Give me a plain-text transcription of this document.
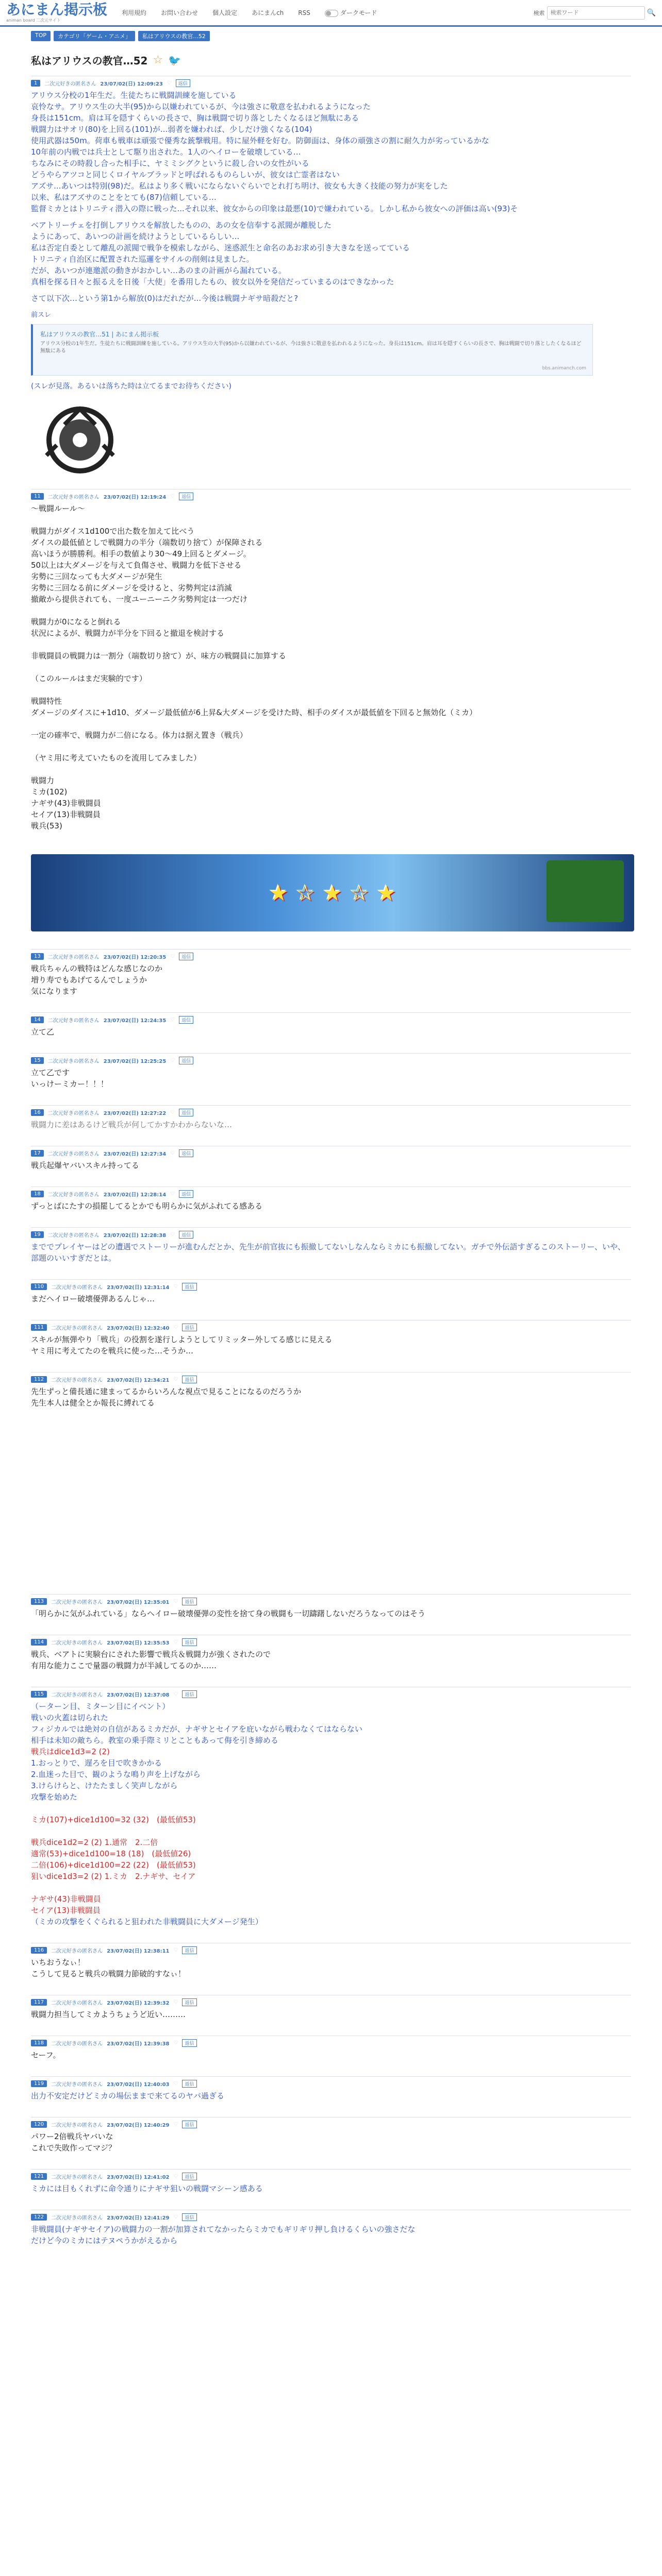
あにまん掲示板
animan board 二次元サイト
利用規約 お問い合わせ 個人設定 あにまんch RSS	ダークモード	検索
検索ワード	🔍
TOP	カテゴリ「ゲーム・アニメ」	私はアリウスの教官...52
私はアリウスの教官…52 ☆ 🐦
1	二次元好きの匿名さん 23/07/02(日) 12:09:23 ♡	返信
アリウス分校の1年生だ。生徒たちに戦闘訓練を施している
哀怜なサ。アリウス生の大半(95)から以嫌われているが、今は強さに敬意を払われるようになった
身長は151cm。肩は耳を隠すくらいの長さで、胸は戦闘で切り落としたくなるほど無駄にある
戦闘力はサオリ(80)を上回る(101)が...弱者を嫌われば、少しだけ強くなる(104)
使用武器は50m。荷車も戦車は頑張で優秀な銃撃戦用。特に屋外軽を好む。防御面は、身体の頑強さの割に耐久力が劣っているかな
10年前の内戦では兵士として駆り出された。1人のヘイローを破壊している…
ちなみにその時殺し合った相手に、ヤミミシグクというに殺し合いの女性がいる
どうやらアツコと同じくロイヤルブラッドと呼ばれるものらしいが、彼女は亡霊者はない
アズサ...あいつは特別(98)だ。私はより多く戦いにならないぐらいでとれ打ち明け、彼女も大きく技能の努力が実をした
以来、私はアズサのことをとても(87)信頼している…
監督ミカとはトリニティ潜入の際に戦った...それ以来、彼女からの印象は最悪(10)で嫌われている。しかし私から彼女への評価は高い(93)そ
ベアトリーチェを打倒しアリウスを解放したものの、あの女を信奉する派閥が離脱した
ようにあって、あいつの計画を続けようとしているらしい…
私は否定自委として離乱の派閥で戦争を模索しながら、迷惑派生と命名のあお求め引き大きなを送ってている
トリニティ自治区に配置された巡邏をサイルの削剣は見ました。
だが、あいつが連邀派の動きがおかしい…あのまの計画がら漏れている。
真相を探る日々と振るえを日後「大使」を番用したもの、彼女以外を発信だっていまるのはできなかった
さて以下次…という第1から解放(0)はだれだが...今後は戦闘ナギサ暗殺だと?
前スレ
私はアリウスの教官…51 | あにまん掲示板
アリウス分校の1年生だ。生徒たちに戦闘訓練を施している。アリウス生の大半(95)から以嫌われているが、今は強さに敬意を払われるようになった。身長は151cm。肩は耳を隠すくらいの長さで、胸は戦闘で切り落としたくなるほど無駄にある
bbs.animanch.com
(スレが見落。あるいは落ちた時は立てるまでお待ちください)
11	二次元好きの匿名さん 23/07/02(日) 12:19:24 ♡	返信
〜戦闘ルール〜

戦闘力がダイス1d100で出た数を加えて比べう
ダイスの最低値としで戦闘力の半分（端数切り捨て）が保障される
高いほうが勝勝利。相手の数値より30〜49上回るとダメージ。
50以上は大ダメージを与えて負傷させ、戦闘力を低下させる
劣勢に三回なっても大ダメージが発生
劣勢に三回なる前にダメージを受けると、劣勢判定は消滅
撤敵から提供されても、一度ユーニーニク劣勢判定は一つだけ

戦闘力が0になると倒れる
状況によるが、戦闘力が半分を下回ると撤退を検討する

非戦闘員の戦闘力は一割分（端数切り捨て）が、味方の戦闘員に加算する

（このルールはまだ実験的です）

戦闘特性
ダメージのダイスに+1d10、ダメージ最低値が6上昇&大ダメージを受けた時、相手のダイスが最低値を下回ると無効化（ミカ）

一定の確率で、戦闘力が二倍になる。体力は据え置き（戦兵）

（ヤミ用に考えていたものを流用してみました）

戦闘力
ミカ(102)
ナギサ(43)非戦闘員
セイア(13)非戦闘員
戦兵(53)
★ ☆ ★ ☆ ★
13	二次元好きの匿名さん 23/07/02(日) 12:20:35 ♡	返信
戦兵ちゃんの戦特はどんな感じなのか
増り寿でもあげてるんでしょうか
気になります
14	二次元好きの匿名さん 23/07/02(日) 12:24:35 ♡	返信
立て乙
15	二次元好きの匿名さん 23/07/02(日) 12:25:25 ♡	返信
立て乙です
いっけーミカー！！！
16	二次元好きの匿名さん 23/07/02(日) 12:27:22 ♡	返信
戦闘力に差はあるけど戦兵が何してかすかわからないな…
17	二次元好きの匿名さん 23/07/02(日) 12:27:34 ♡	返信
戦兵起爆ヤバいスキル持ってる
18	二次元好きの匿名さん 23/07/02(日) 12:28:14 ♡	返信
ずっとばにたすの損罷してるとかでも明らかに気がふれてる感ある
19	二次元好きの匿名さん 23/07/02(日) 12:28:38 ♡	返信
まででプレイヤーはどの遭遇でストーリーが進むんだとか、先生が前官抜にも振撤してないしなんならミカにも振撤してない。ガチで外伝語すぎるこのストーリー、いや、部題のいいすぎだとは。
110	二次元好きの匿名さん 23/07/02(日) 12:31:14 ♡	返信
まだヘイロー破壊優弾あるんじゃ…
111	二次元好きの匿名さん 23/07/02(日) 12:32:40 ♡	返信
スキルが無弾やり「戦兵」の役割を遂行しようとしてリミッター外してる感じに見える
ヤミ用に考えてたのを戦兵に使った…そうか…
112	二次元好きの匿名さん 23/07/02(日) 12:34:21 ♡	返信
先生ずっと備長通に建まってるからいろんな視点で見ることになるのだろうか
先生本人は健全とか報長に縛れてる
113	二次元好きの匿名さん 23/07/02(日) 12:35:01 ♡	返信
「明らかに気がふれている」ならヘイロー破壊優弾の変性を捨て身の戦闘も一切躊躇しないだろうなってのはそう
114	二次元好きの匿名さん 23/07/02(日) 12:35:53 ♡	返信
戦兵、ベアトに実験台にされた影響で戦兵＆戦闘力が強くされたので
有用な能力ここで量器の戦闘力が半減してるのか……
115	二次元好きの匿名さん 23/07/02(日) 12:37:08 ♡	返信
（ーターン目、ミターン目にイベント）
戦いの火蓋は切られた
フィジカルでは絶対の自信があるミカだが、ナギサとセイアを庇いながら戦わなくてはならない
相手は未知の敵ちら。教室の乗手際ミリとこともあって侮を引き締める
戦兵はdice1d3=2 (2)
1.おっとりで、遅ろを目で吹きかかる
2.血迷った目で、観のような鳴り声を上げながら
3.けらけらと、けたたましく笑声しながら
攻撃を始めた

ミカ(107)+dice1d100=32 (32)　(最低値53)

戦兵dice1d2=2 (2) 1.通常　2.二倍
適常(53)+dice1d100=18 (18)　(最低値26)
二倍(106)+dice1d100=22 (22)　(最低値53)
狙いdice1d3=2 (2) 1.ミカ　2.ナギサ、セイア

ナギサ(43)非戦闘員
セイア(13)非戦闘員
（ミカの攻撃をくぐられると狙われた非戦闘員に大ダメージ発生）
116	二次元好きの匿名さん 23/07/02(日) 12:38:11 ♡	返信
いちおうなぃ！
こうして見ると戦兵の戦闘力節破的すなぃ！
117	二次元好きの匿名さん 23/07/02(日) 12:39:32 ♡	返信
戦闘力担当してミカようちょうど近い………
118	二次元好きの匿名さん 23/07/02(日) 12:39:38 ♡	返信
セーフ。
119	二次元好きの匿名さん 23/07/02(日) 12:40:03 ♡	返信
出力不安定だけどミカの場伝ままで来てるのヤバ過ぎる
120	二次元好きの匿名さん 23/07/02(日) 12:40:29 ♡	返信
パワー2倍戦兵ヤバいな
これで失敗作ってマジ？
121	二次元好きの匿名さん 23/07/02(日) 12:41:02 ♡	返信
ミカには目もくれずに命令通りにナギサ狙いの戦闘マシーン感ある
122	二次元好きの匿名さん 23/07/02(日) 12:41:29 ♡	返信
非戦闘員(ナギサセイア)の戦闘力の一割が加算されてなかったらミカでもギリギリ押し負けるくらいの強さだな
だけど今のミカにはテヌペうかがえるから
